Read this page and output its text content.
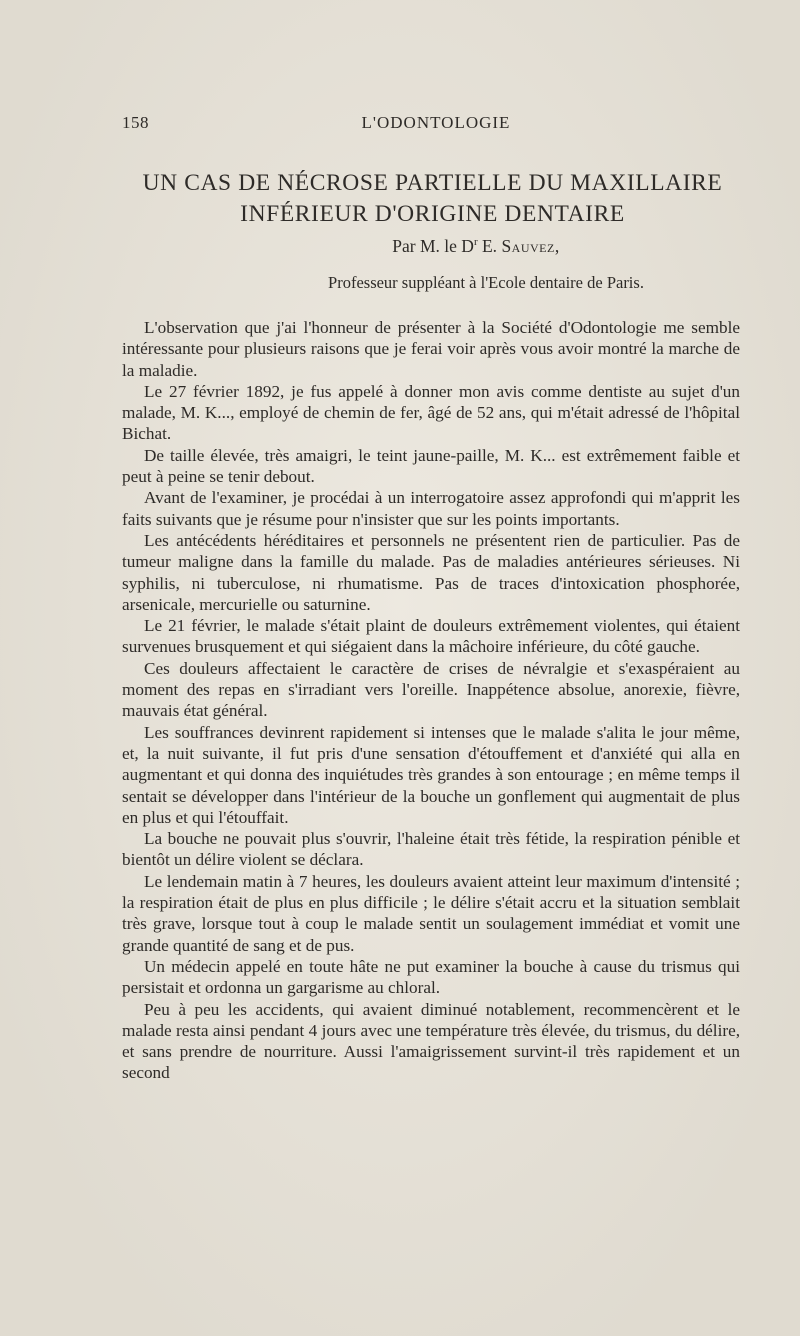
158	L'ODONTOLOGIE
UN CAS DE NÉCROSE PARTIELLE DU MAXILLAIRE
INFÉRIEUR D'ORIGINE DENTAIRE
Par M. le $D^r$ E. Sauvez,
Professeur suppléant à l'Ecole dentaire de Paris.

L'observation que j'ai l'honneur de présenter à la Société d'Odontologie me semble intéressante pour plusieurs raisons que je ferai voir après vous avoir montré la marche de la maladie.

Le 27 février 1892, je fus appelé à donner mon avis comme dentiste au sujet d'un malade, M. K..., employé de chemin de fer, âgé de 52 ans, qui m'était adressé de l'hôpital Bichat.

De taille élevée, très amaigri, le teint jaune-paille, M. K... est extrêmement faible et peut à peine se tenir debout.

Avant de l'examiner, je procédai à un interrogatoire assez approfondi qui m'apprit les faits suivants que je résume pour n'insister que sur les points importants.

Les antécédents héréditaires et personnels ne présentent rien de particulier. Pas de tumeur maligne dans la famille du malade. Pas de maladies antérieures sérieuses. Ni syphilis, ni tuberculose, ni rhumatisme. Pas de traces d'intoxication phosphorée, arsenicale, mercurielle ou saturnine.

Le 21 février, le malade s'était plaint de douleurs extrêmement violentes, qui étaient survenues brusquement et qui siégaient dans la mâchoire inférieure, du côté gauche.

Ces douleurs affectaient le caractère de crises de névralgie et s'exaspéraient au moment des repas en s'irradiant vers l'oreille. Inappétence absolue, anorexie, fièvre, mauvais état général.

Les souffrances devinrent rapidement si intenses que le malade s'alita le jour même, et, la nuit suivante, il fut pris d'une sensation d'étouffement et d'anxiété qui alla en augmentant et qui donna des inquiétudes très grandes à son entourage ; en même temps il sentait se développer dans l'intérieur de la bouche un gonflement qui augmentait de plus en plus et qui l'étouffait.

La bouche ne pouvait plus s'ouvrir, l'haleine était très fétide, la respiration pénible et bientôt un délire violent se déclara.

Le lendemain matin à 7 heures, les douleurs avaient atteint leur maximum d'intensité ; la respiration était de plus en plus difficile ; le délire s'était accru et la situation semblait très grave, lorsque tout à coup le malade sentit un soulagement immédiat et vomit une grande quantité de sang et de pus.

Un médecin appelé en toute hâte ne put examiner la bouche à cause du trismus qui persistait et ordonna un gargarisme au chloral.

Peu à peu les accidents, qui avaient diminué notablement, recommencèrent et le malade resta ainsi pendant 4 jours avec une température très élevée, du trismus, du délire, et sans prendre de nourriture. Aussi l'amaigrissement survint-il très rapidement et un second
